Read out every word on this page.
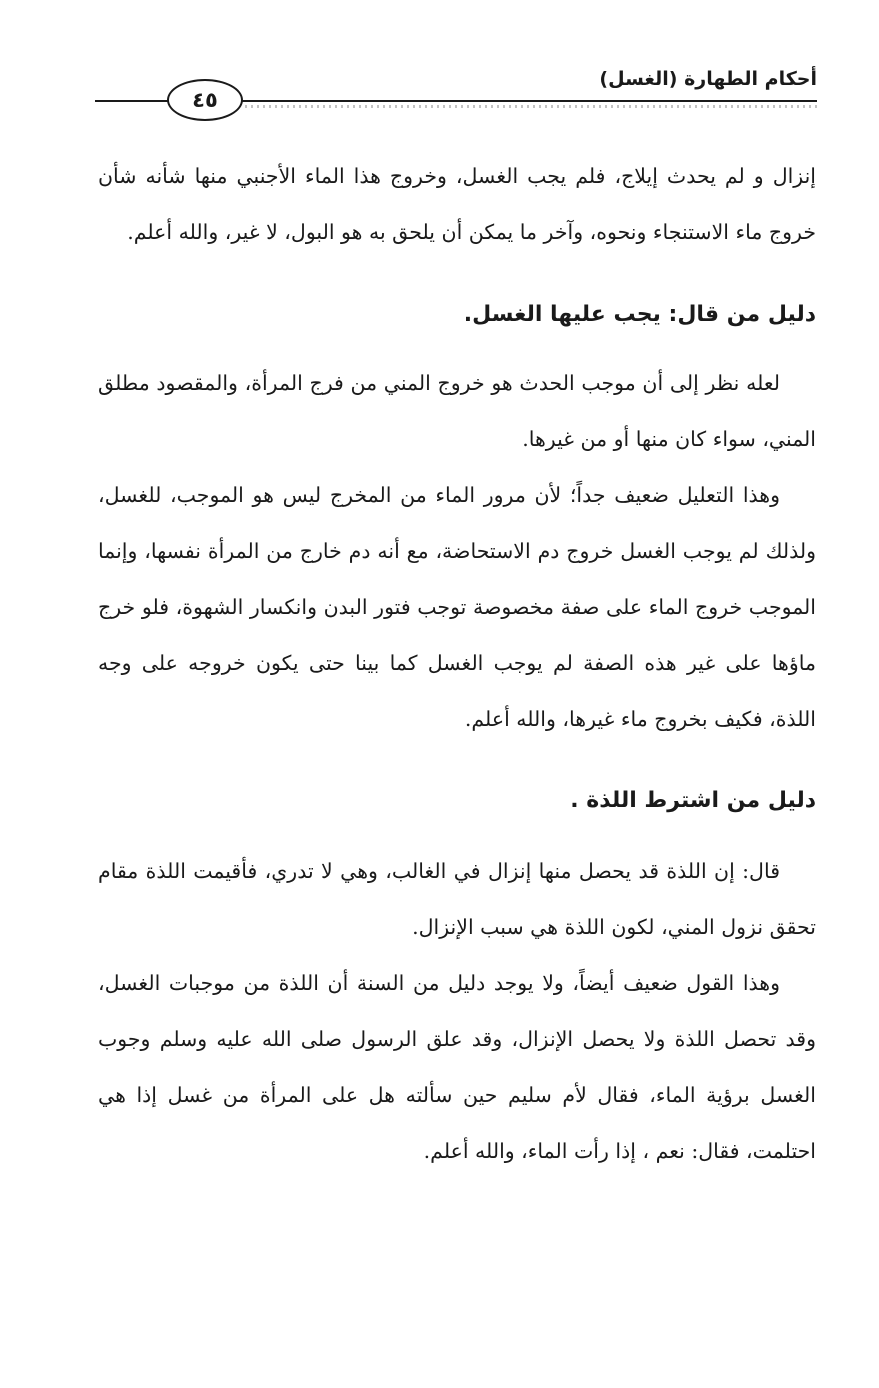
أحكام الطهارة (الغسل)
٤٥

إنزال و لم يحدث إيلاج، فلم يجب الغسل، وخروج هذا الماء الأجنبي منها شأنه شأن خروج ماء الاستنجاء ونحوه، وآخر ما يمكن أن يلحق به هو البول، لا غير، والله أعلم.

دليل من قال: يجب عليها الغسل.

لعله نظر إلى أن موجب الحدث هو خروج المني من فرج المرأة، والمقصود مطلق المني، سواء كان منها أو من غيرها.

وهذا التعليل ضعيف جداً؛ لأن مرور الماء من المخرج ليس هو الموجب، للغسل، ولذلك لم يوجب الغسل خروج دم الاستحاضة، مع أنه دم خارج من المرأة نفسها، وإنما الموجب خروج الماء على صفة مخصوصة توجب فتور البدن وانكسار الشهوة، فلو خرج ماؤها على غير هذه الصفة لم يوجب الغسل كما بينا حتى يكون خروجه على وجه اللذة، فكيف بخروج ماء غيرها، والله أعلم.

دليل من اشترط اللذة .

قال: إن اللذة قد يحصل منها إنزال في الغالب، وهي لا تدري، فأقيمت اللذة مقام تحقق نزول المني، لكون اللذة هي سبب الإنزال.

وهذا القول ضعيف أيضاً، ولا يوجد دليل من السنة أن اللذة من موجبات الغسل، وقد تحصل اللذة ولا يحصل الإنزال، وقد علق الرسول صلى الله عليه وسلم وجوب الغسل برؤية الماء، فقال لأم سليم حين سألته هل على المرأة من غسل إذا هي احتلمت، فقال: نعم ، إذا رأت الماء، والله أعلم.
